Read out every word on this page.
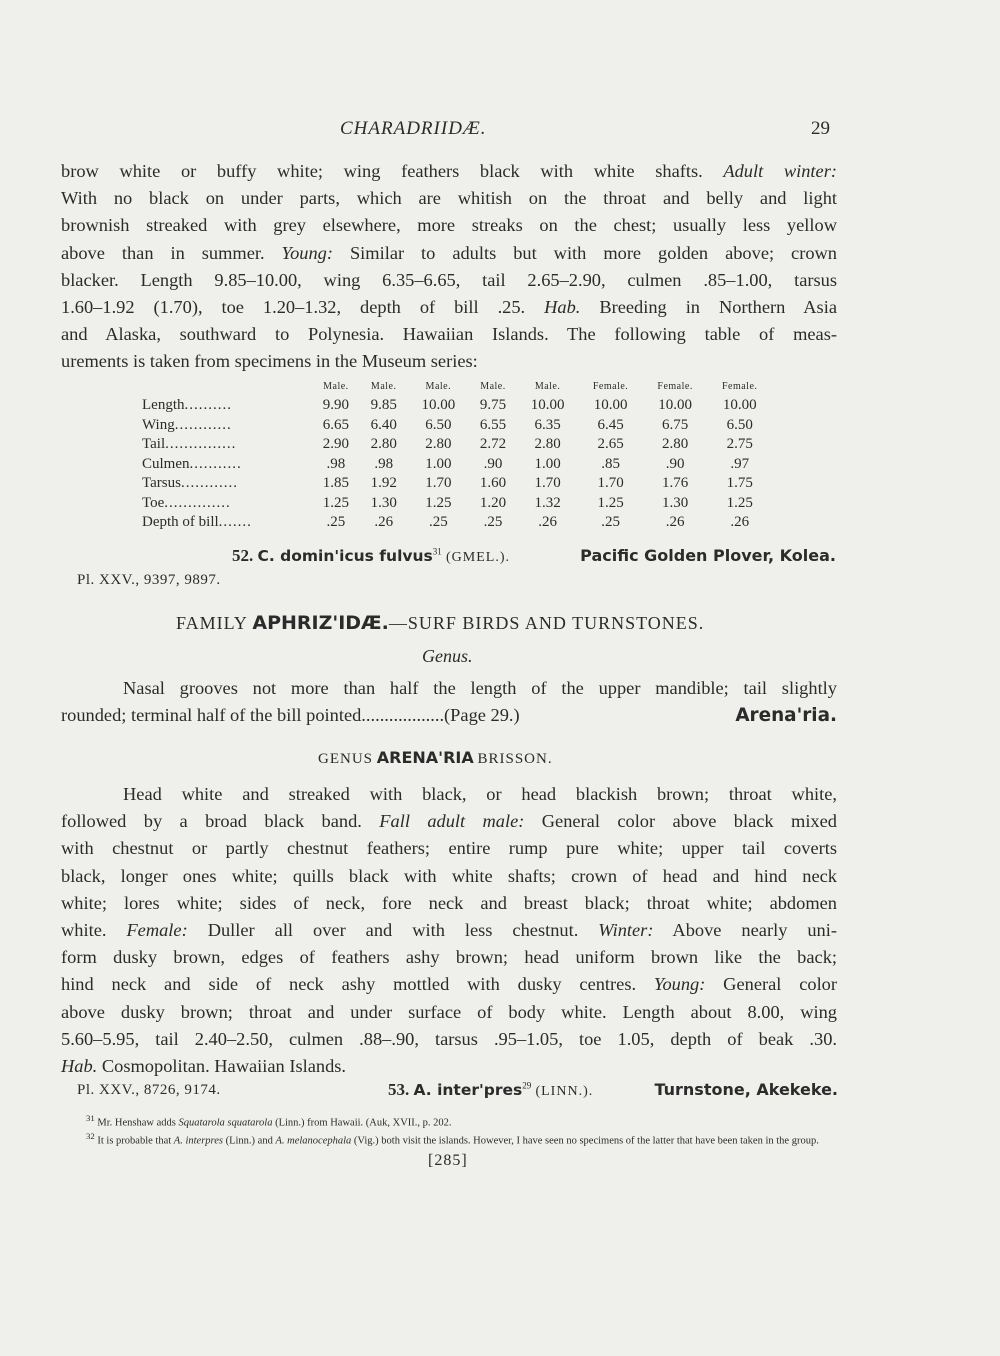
CHARADRIIDÆ.	29
brow white or buffy white; wing feathers black with white shafts. Adult winter:
With no black on under parts, which are whitish on the throat and belly and light
brownish streaked with grey elsewhere, more streaks on the chest; usually less yellow
above than in summer. Young: Similar to adults but with more golden above; crown
blacker. Length 9.85–10.00, wing 6.35–6.65, tail 2.65–2.90, culmen .85–1.00, tarsus
1.60–1.92 (1.70), toe 1.20–1.32, depth of bill .25. Hab. Breeding in Northern Asia
and Alaska, southward to Polynesia. Hawaiian Islands. The following table of meas-
urements is taken from specimens in the Museum series:
	Male.	Male.	Male.	Male.	Male.	Female.	Female.	Female.
Length..........	9.90	9.85	10.00	9.75	10.00	10.00	10.00	10.00
Wing............	6.65	6.40	6.50	6.55	6.35	6.45	6.75	6.50
Tail...............	2.90	2.80	2.80	2.72	2.80	2.65	2.80	2.75
Culmen...........	.98	.98	1.00	.90	1.00	.85	.90	.97
Tarsus............	1.85	1.92	1.70	1.60	1.70	1.70	1.76	1.75
Toe..............	1.25	1.30	1.25	1.20	1.32	1.25	1.30	1.25
Depth of bill.......	.25	.26	.25	.25	.26	.25	.26	.26
52. C. domin'icus fulvus$^{31}$ (GMEL.).	Pacific Golden Plover, Kolea.
Pl. XXV., 9397, 9897.
FAMILY APHRIZ'IDÆ.—SURF BIRDS AND TURNSTONES.
Genus.
Nasal grooves not more than half the length of the upper mandible; tail slightly
rounded; terminal half of the bill pointed..................(Page 29.)	Arena'ria.
GENUS ARENA'RIA BRISSON.
Head white and streaked with black, or head blackish brown; throat white,
followed by a broad black band. Fall adult male: General color above black mixed
with chestnut or partly chestnut feathers; entire rump pure white; upper tail coverts
black, longer ones white; quills black with white shafts; crown of head and hind neck
white; lores white; sides of neck, fore neck and breast black; throat white; abdomen
white. Female: Duller all over and with less chestnut. Winter: Above nearly uni-
form dusky brown, edges of feathers ashy brown; head uniform brown like the back;
hind neck and side of neck ashy mottled with dusky centres. Young: General color
above dusky brown; throat and under surface of body white. Length about 8.00, wing
5.60–5.95, tail 2.40–2.50, culmen .88–.90, tarsus .95–1.05, toe 1.05, depth of beak .30.
Hab. Cosmopolitan. Hawaiian Islands.
Pl. XXV., 8726, 9174.	53. A. inter'pres$^{29}$ (LINN.).	Turnstone, Akekeke.
$^{31}$ Mr. Henshaw adds Squatarola squatarola (Linn.) from Hawaii. (Auk, XVII., p. 202.
$^{32}$ It is probable that A. interpres (Linn.) and A. melanocephala (Vig.) both visit the islands. However, I have seen no specimens of the latter that have been taken in the group.
[285]
